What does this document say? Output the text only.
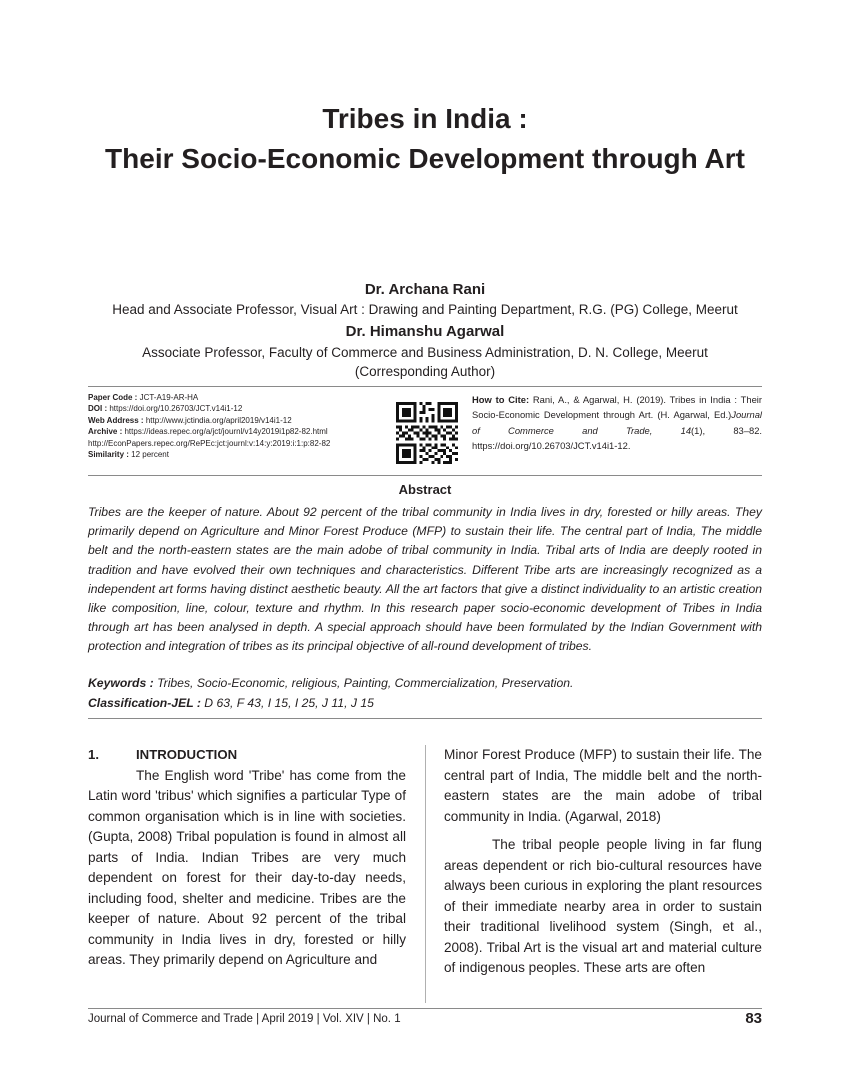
Tribes in India :
Their Socio-Economic Development through Art
Dr. Archana Rani
Head and Associate Professor, Visual Art : Drawing and Painting Department, R.G. (PG) College, Meerut
Dr. Himanshu Agarwal
Associate Professor, Faculty of Commerce and Business Administration, D. N. College, Meerut
(Corresponding Author)
Paper Code : JCT-A19-AR-HA
DOI : https://doi.org/10.26703/JCT.v14i1-12
Web Address : http://www.jctindia.org/april2019/v14i1-12
Archive : https://ideas.repec.org/a/jct/journl/v14y2019i1p82-82.html
http://EconPapers.repec.org/RePEc:jct:journl:v:14:y:2019:i:1:p:82-82
Similarity : 12 percent
How to Cite: Rani, A., & Agarwal, H. (2019). Tribes in India : Their Socio-Economic Development through Art. (H. Agarwal, Ed.)Journal of Commerce and Trade, 14(1), 83–82. https://doi.org/10.26703/JCT.v14i1-12.
Abstract
Tribes are the keeper of nature. About 92 percent of the tribal community in India lives in dry, forested or hilly areas. They primarily depend on Agriculture and Minor Forest Produce (MFP) to sustain their life. The central part of India, The middle belt and the north-eastern states are the main adobe of tribal community in India. Tribal arts of India are deeply rooted in tradition and have evolved their own techniques and characteristics. Different Tribe arts are increasingly recognized as a independent art forms having distinct aesthetic beauty. All the art factors that give a distinct individuality to an artistic creation like composition, line, colour, texture and rhythm. In this research paper socio-economic development of Tribes in India through art has been analysed in depth. A special approach should have been formulated by the Indian Government with protection and integration of tribes as its principal objective of all-round development of tribes.
Keywords : Tribes, Socio-Economic, religious, Painting, Commercialization, Preservation.
Classification-JEL : D 63, F 43, I 15, I 25, J 11, J 15
1.	INTRODUCTION

The English word 'Tribe' has come from the Latin word 'tribus' which signifies a particular Type of common organisation which is in line with societies. (Gupta, 2008) Tribal population is found in almost all parts of India. Indian Tribes are very much dependent on forest for their day-to-day needs, including food, shelter and medicine. Tribes are the keeper of nature. About 92 percent of the tribal community in India lives in dry, forested or hilly areas. They primarily depend on Agriculture and

Minor Forest Produce (MFP) to sustain their life. The central part of India, The middle belt and the north-eastern states are the main adobe of tribal community in India. (Agarwal, 2018)

The tribal people people living in far flung areas dependent or rich bio-cultural resources have always been curious in exploring the plant resources of their immediate nearby area in order to sustain their traditional livelihood system (Singh, et al., 2008). Tribal Art is the visual art and material culture of indigenous peoples. These arts are often

Journal of Commerce and Trade | April 2019 | Vol. XIV | No. 1	83
